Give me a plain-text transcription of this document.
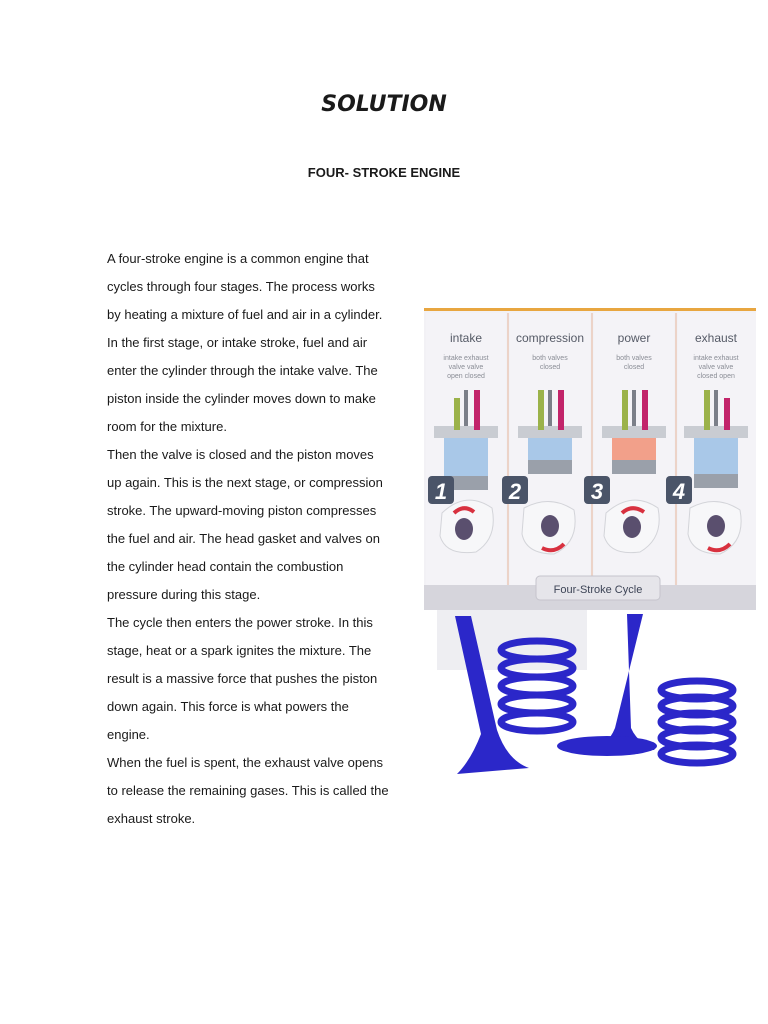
SOLUTION
FOUR- STROKE ENGINE
A four-stroke engine is a common engine that
cycles through four stages. The process works
by heating a mixture of fuel and air in a cylinder.
In the first stage, or intake stroke, fuel and air
enter the cylinder through the intake valve. The
piston inside the cylinder moves down to make
room for the mixture.
Then the valve is closed and the piston moves
up again. This is the next stage, or compression
stroke. The upward-moving piston compresses
the fuel and air. The head gasket and valves on
the cylinder head contain the combustion
pressure during this stage.
The cycle then enters the power stroke. In this
stage, heat or a spark ignites the mixture. The
result is a massive force that pushes the piston
down again. This force is what powers the
engine.
When the fuel is spent, the exhaust valve opens
to release the remaining gases. This is called the
exhaust stroke.
intake	compression	power	exhaust
intake exhaust
valve valve
open closed
both valves
closed
both valves
closed
intake exhaust
valve valve
closed open
1	2	3	4
Four-Stroke Cycle
